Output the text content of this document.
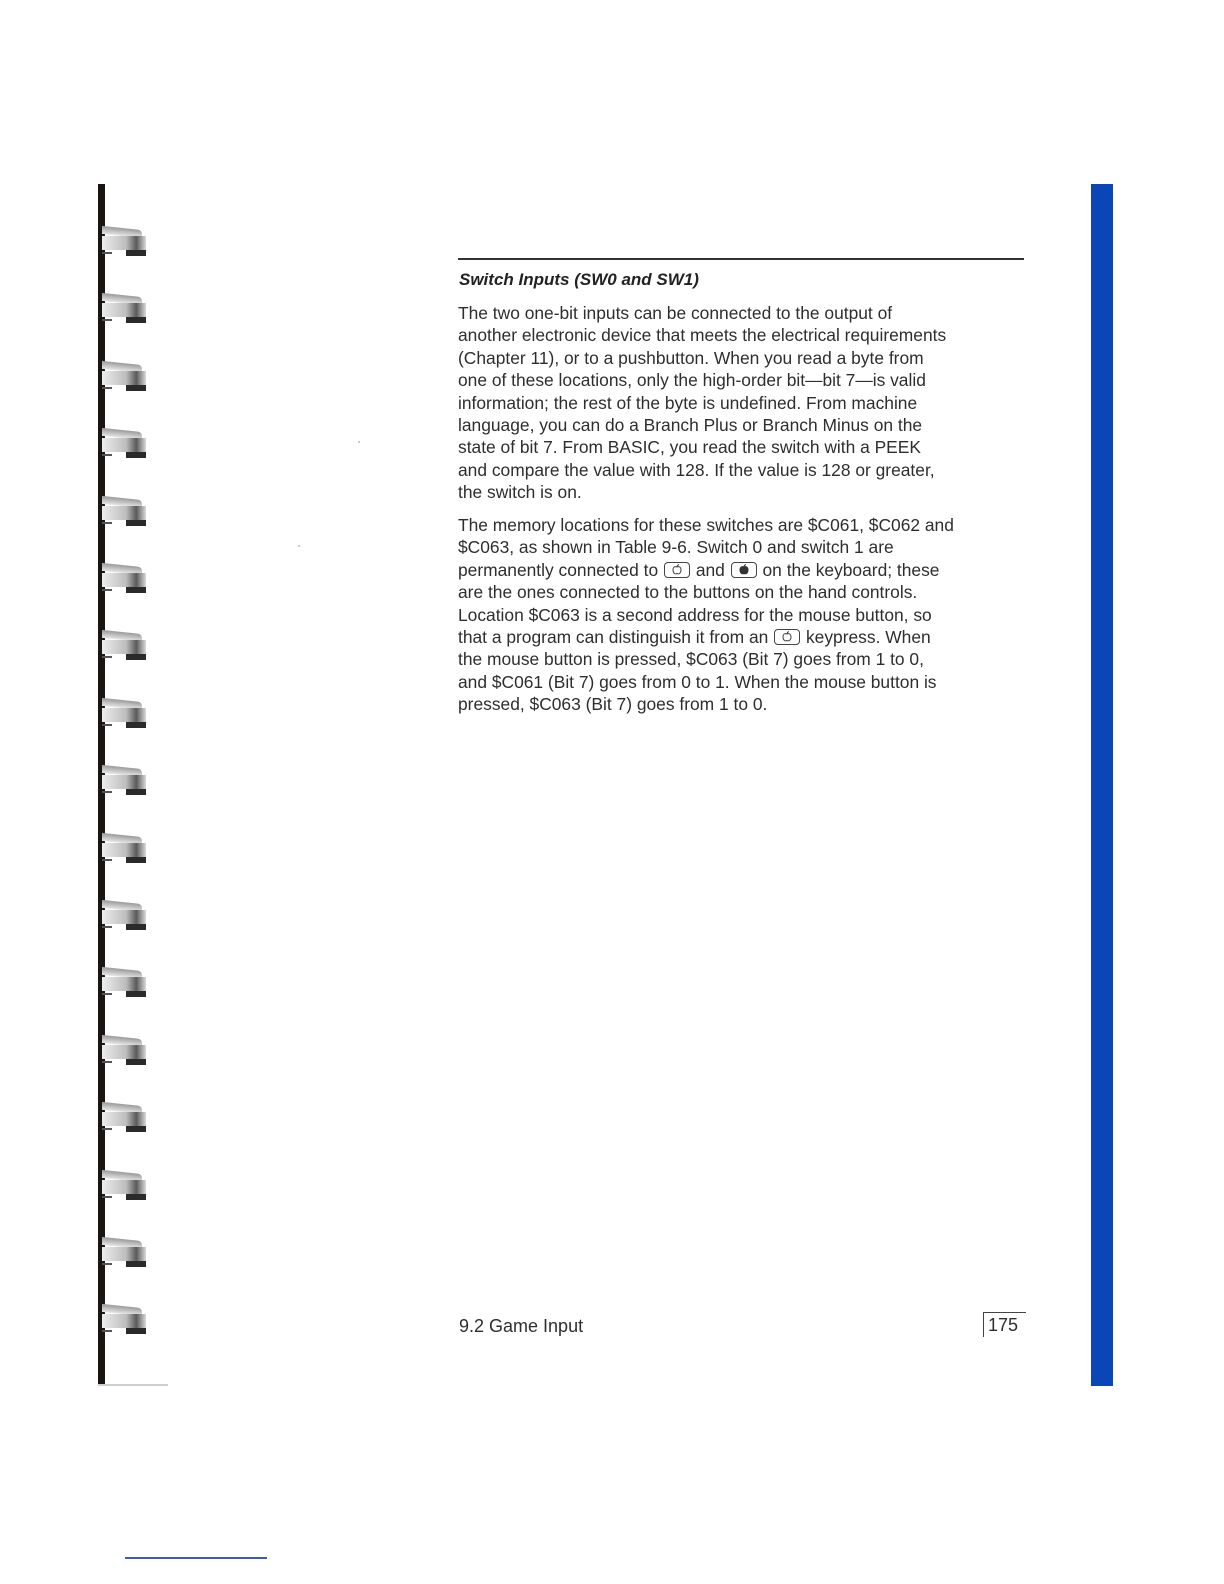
Switch Inputs (SW0 and SW1)
The two one-bit inputs can be connected to the output of
another electronic device that meets the electrical requirements
(Chapter 11), or to a pushbutton. When you read a byte from
one of these locations, only the high-order bit—bit 7—is valid
information; the rest of the byte is undefined. From machine
language, you can do a Branch Plus or Branch Minus on the
state of bit 7. From BASIC, you read the switch with a PEEK
and compare the value with 128. If the value is 128 or greater,
the switch is on.
The memory locations for these switches are $C061, $C062 and
$C063, as shown in Table 9-6. Switch 0 and switch 1 are
permanently connected to and on the keyboard; these
are the ones connected to the buttons on the hand controls.
Location $C063 is a second address for the mouse button, so
that a program can distinguish it from an keypress. When
the mouse button is pressed, $C063 (Bit 7) goes from 1 to 0,
and $C061 (Bit 7) goes from 0 to 1. When the mouse button is
pressed, $C063 (Bit 7) goes from 1 to 0.
9.2 Game Input	175
